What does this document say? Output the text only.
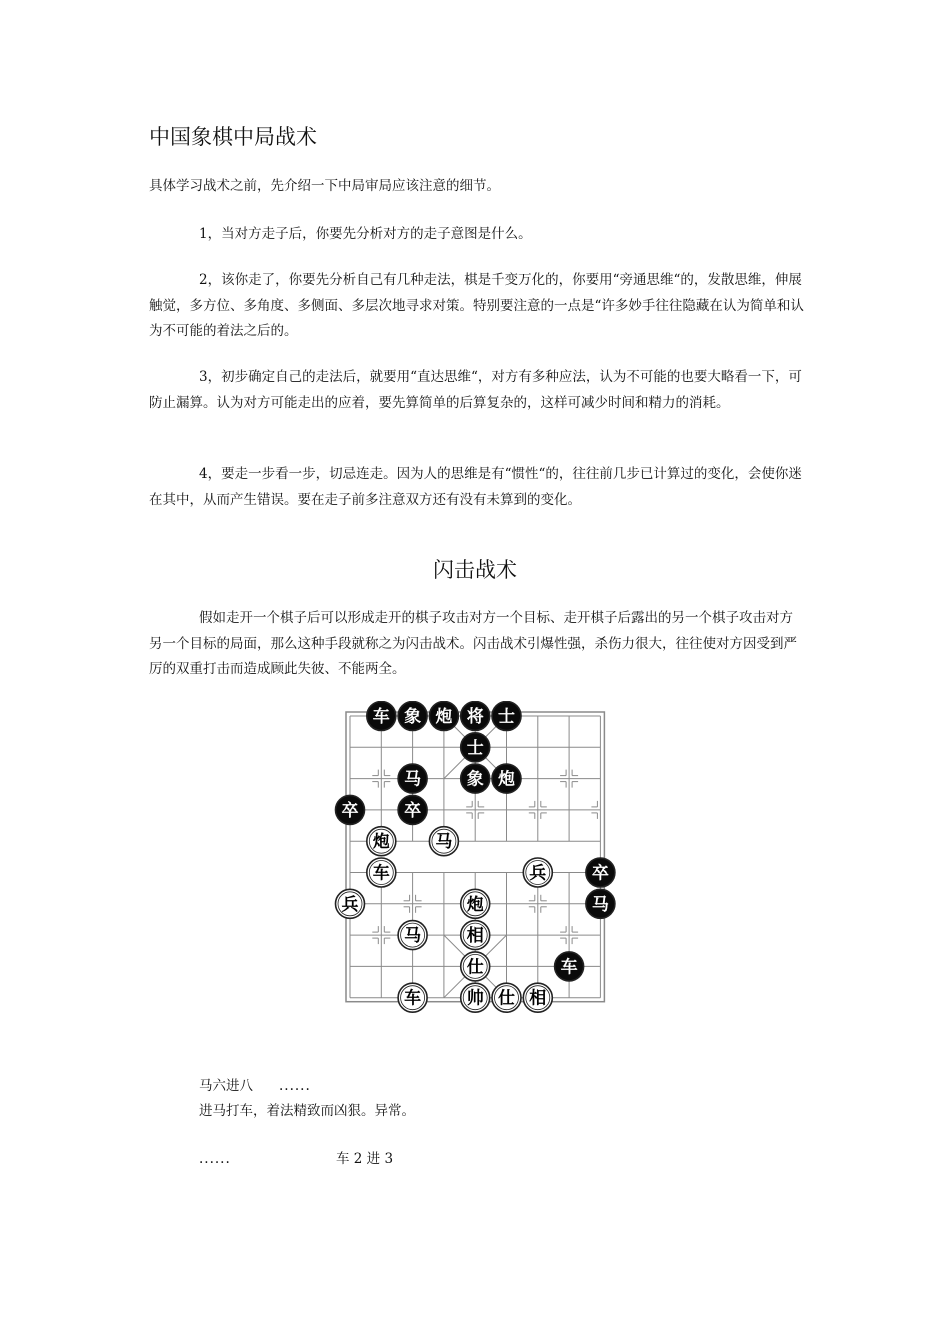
中国象棋中局战术

具体学习战术之前，先介绍一下中局审局应该注意的细节。

1，当对方走子后，你要先分析对方的走子意图是什么。

2，该你走了，你要先分析自己有几种走法，棋是千变万化的，你要用“旁通思维“的，发散思维，伸展触觉，多方位、多角度、多侧面、多层次地寻求对策。特别要注意的一点是“许多妙手往往隐藏在认为简单和认为不可能的着法之后的。

3，初步确定自己的走法后，就要用“直达思维“，对方有多种应法，认为不可能的也要大略看一下，可防止漏算。认为对方可能走出的应着，要先算简单的后算复杂的，这样可减少时间和精力的消耗。

4，要走一步看一步，切忌连走。因为人的思维是有“惯性“的，往往前几步已计算过的变化，会使你迷在其中，从而产生错误。要在走子前多注意双方还有没有未算到的变化。

闪击战术

假如走开一个棋子后可以形成走开的棋子攻击对方一个目标、走开棋子后露出的另一个棋子攻击对方另一个目标的局面，那么这种手段就称之为闪击战术。闪击战术引爆性强，杀伤力很大，往往使对方因受到严厉的双重打击而造成顾此失彼、不能两全。

车 象 炮 将 士
士
马	象 炮
卒	卒
炮	马
车	兵	卒
兵	炮	马
马	相
仕	车
车	帅 仕 相
马六进八 ......
进马打车，着法精致而凶狠。异常。
......	车 2 进 3
